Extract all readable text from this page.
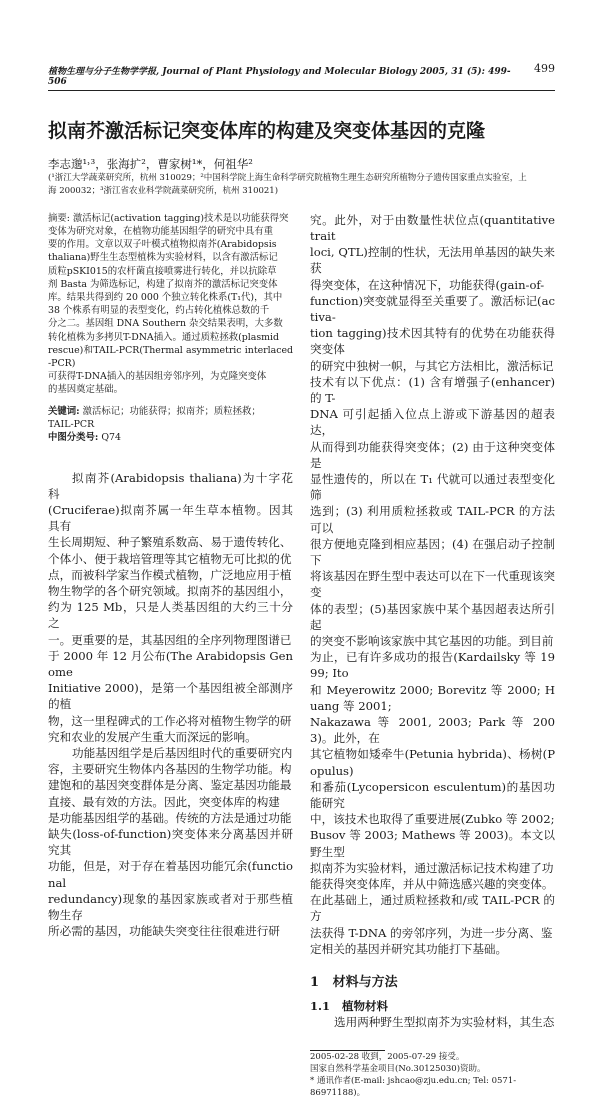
植物生理与分子生物学学报, Journal of Plant Physiology and Molecular Biology 2005, 31 (5): 499-506
499
拟南芥激活标记突变体库的构建及突变体基因的克隆
李志邈¹˒³，张海扩²，曹家树¹*，何祖华²
(¹浙江大学蔬菜研究所，杭州 310029；²中国科学院上海生命科学研究院植物生理生态研究所植物分子遗传国家重点实验室，上
海 200032；³浙江省农业科学院蔬菜研究所，杭州 310021)
摘要: 激活标记(activation tagging)技术是以功能获得突
变体为研究对象，在植物功能基因组学的研究中具有重
要的作用。文章以双子叶模式植物拟南芥(Arabidopsis
thaliana)野生生态型植株为实验材料，以含有激活标记
质粒pSKI015的农杆菌直接喷雾进行转化，并以抗除草
剂 Basta 为筛选标记，构建了拟南芥的激活标记突变体
库。结果共得到约 20 000 个独立转化株系(T₁代)，其中
38 个株系有明显的表型变化，约占转化植株总数的千
分之二。基因组 DNA Southern 杂交结果表明，大多数
转化植株为多拷贝T-DNA插入。通过质粒拯救(plasmid
rescue)和TAIL-PCR(Thermal asymmetric interlaced-PCR)
可获得T-DNA插入的基因组旁邻序列，为克隆突变体
的基因奠定基础。
关键词: 激活标记；功能获得；拟南芥；质粒拯救；
TAIL-PCR
中图分类号: Q74
拟南芥(Arabidopsis thaliana)为十字花科
(Cruciferae)拟南芥属一年生草本植物。因其具有
生长周期短、种子繁殖系数高、易于遗传转化、
个体小、便于栽培管理等其它植物无可比拟的优
点，而被科学家当作模式植物，广泛地应用于植
物生物学的各个研究领域。拟南芥的基因组小，
约为 125 Mb，只是人类基因组的大约三十分之
一。更重要的是，其基因组的全序列物理图谱已
于 2000 年 12 月公布(The Arabidopsis Genome
Initiative 2000)，是第一个基因组被全部测序的植
物，这一里程碑式的工作必将对植物生物学的研
究和农业的发展产生重大而深远的影响。
功能基因组学是后基因组时代的重要研究内
容，主要研究生物体内各基因的生物学功能。构
建饱和的基因突变群体是分离、鉴定基因功能最
直接、最有效的方法。因此，突变体库的构建
是功能基因组学的基础。传统的方法是通过功能
缺失(loss-of-function)突变体来分离基因并研究其
功能，但是，对于存在着基因功能冗余(functional
redundancy)现象的基因家族或者对于那些植物生存
所必需的基因，功能缺失突变往往很难进行研
究。此外，对于由数量性状位点(quantitative trait
loci, QTL)控制的性状，无法用单基因的缺失来获
得突变体，在这种情况下，功能获得(gain-of-
function)突变就显得至关重要了。激活标记(activa-
tion tagging)技术因其特有的优势在功能获得突变体
的研究中独树一帜，与其它方法相比，激活标记
技术有以下优点：(1) 含有增强子(enhancer)的 T-
DNA 可引起插入位点上游或下游基因的超表达，
从而得到功能获得突变体；(2) 由于这种突变体是
显性遗传的，所以在 T₁ 代就可以通过表型变化筛
选到；(3) 利用质粒拯救或 TAIL-PCR 的方法可以
很方便地克隆到相应基因；(4) 在强启动子控制下
将该基因在野生型中表达可以在下一代重现该突变
体的表型；(5)基因家族中某个基因超表达所引起
的突变不影响该家族中其它基因的功能。到目前
为止，已有许多成功的报告(Kardailsky 等 1999; Ito
和 Meyerowitz 2000; Borevitz 等 2000; Huang 等 2001;
Nakazawa 等 2001, 2003; Park 等 2003)。此外，在
其它植物如矮牵牛(Petunia hybrida)、杨树(Populus)
和番茄(Lycopersicon esculentum)的基因功能研究
中，该技术也取得了重要进展(Zubko 等 2002;
Busov 等 2003; Mathews 等 2003)。本文以野生型
拟南芥为实验材料，通过激活标记技术构建了功
能获得突变体库，并从中筛选感兴趣的突变体。
在此基础上，通过质粒拯救和/或 TAIL-PCR 的方
法获得 T-DNA 的旁邻序列，为进一步分离、鉴
定相关的基因并研究其功能打下基础。
1 材料与方法
1.1 植物材料
选用两种野生型拟南芥为实验材料，其生态
2005-02-28 收到，2005-07-29 接受。
国家自然科学基金项目(No.30125030)资助。
* 通讯作者(E-mail: jshcao@zju.edu.cn; Tel: 0571-86971188)。
